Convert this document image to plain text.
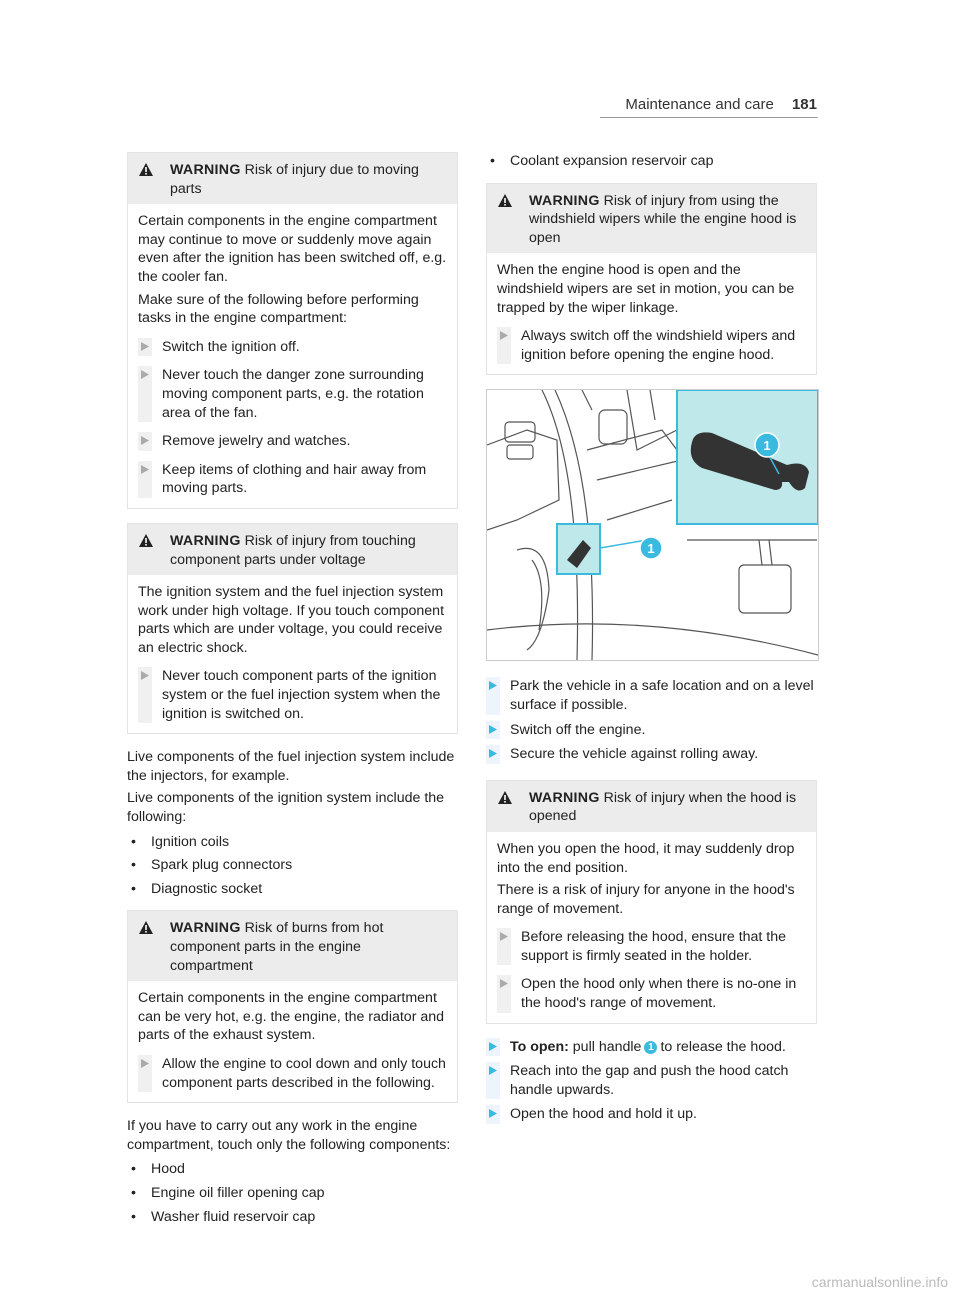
Maintenance and care 181
WARNING Risk of injury due to moving parts

Certain components in the engine compartment may continue to move or suddenly move again even after the ignition has been switched off, e.g. the cooler fan.

Make sure of the following before performing tasks in the engine compartment:

Switch the ignition off.
Never touch the danger zone surrounding moving component parts, e.g. the rotation area of the fan.
Remove jewelry and watches.
Keep items of clothing and hair away from moving parts.
WARNING Risk of injury from touching component parts under voltage

The ignition system and the fuel injection system work under high voltage. If you touch component parts which are under voltage, you could receive an electric shock.

Never touch component parts of the ignition system or the fuel injection system when the ignition is switched on.

Live components of the fuel injection system include the injectors, for example.

Live components of the ignition system include the following:

• Ignition coils
• Spark plug connectors
• Diagnostic socket
WARNING Risk of burns from hot component parts in the engine compartment

Certain components in the engine compartment can be very hot, e.g. the engine, the radiator and parts of the exhaust system.

Allow the engine to cool down and only touch component parts described in the following.

If you have to carry out any work in the engine compartment, touch only the following components:

• Hood
• Engine oil filler opening cap
• Washer fluid reservoir cap
• Coolant expansion reservoir cap
WARNING Risk of injury from using the windshield wipers while the engine hood is open

When the engine hood is open and the windshield wipers are set in motion, you can be trapped by the wiper linkage.

Always switch off the windshield wipers and ignition before opening the engine hood.
1
1
Park the vehicle in a safe location and on a level surface if possible.
Switch off the engine.
Secure the vehicle against rolling away.
WARNING Risk of injury when the hood is opened

When you open the hood, it may suddenly drop into the end position.

There is a risk of injury for anyone in the hood's range of movement.

Before releasing the hood, ensure that the support is firmly seated in the holder.
Open the hood only when there is no-one in the hood's range of movement.
To open: pull handle 1 to release the hood.
Reach into the gap and push the hood catch handle upwards.
Open the hood and hold it up.
carmanualsonline.info
